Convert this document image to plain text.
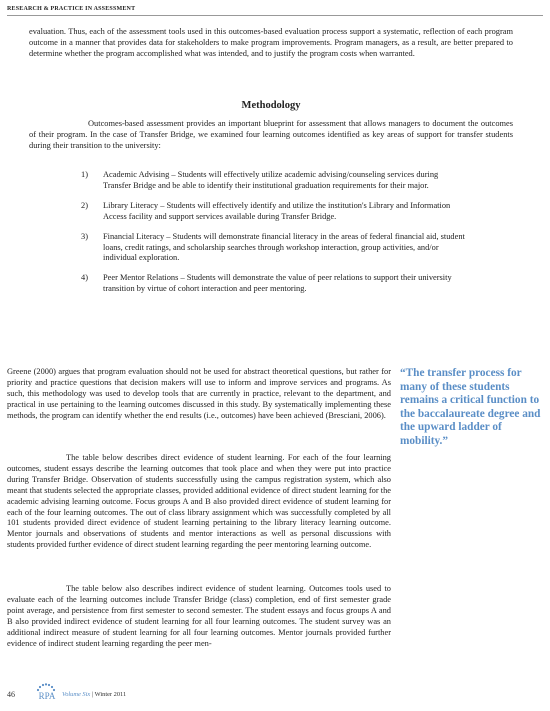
RESEARCH & PRACTICE IN ASSESSMENT
evaluation. Thus, each of the assessment tools used in this outcomes-based evaluation process support a systematic, reflection of each program outcome in a manner that provides data for stakeholders to make program improvements. Program managers, as a result, are better prepared to determine whether the program accomplished what was intended, and to justify the program costs when warranted.
Methodology
Outcomes-based assessment provides an important blueprint for assessment that allows managers to document the outcomes of their program. In the case of Transfer Bridge, we examined four learning outcomes identified as key areas of support for transfer students during their transition to the university:
1) Academic Advising – Students will effectively utilize academic advising/counseling services during Transfer Bridge and be able to identify their institutional graduation requirements for their major.
2) Library Literacy – Students will effectively identify and utilize the institution's Library and Information Access facility and support services available during Transfer Bridge.
3) Financial Literacy – Students will demonstrate financial literacy in the areas of federal financial aid, student loans, credit ratings, and scholarship searches through workshop interaction, group activities, and/or individual exploration.
4) Peer Mentor Relations – Students will demonstrate the value of peer relations to support their university transition by virtue of cohort interaction and peer mentoring.
Greene (2000) argues that program evaluation should not be used for abstract theoretical questions, but rather for priority and practice questions that decision makers will use to inform and improve services and programs. As such, this methodology was used to develop tools that are currently in practice, relevant to the department, and practical in use pertaining to the learning outcomes discussed in this study. By systematically implementing these methods, the program can identify whether the end results (i.e., outcomes) have been achieved (Bresciani, 2006).
The table below describes direct evidence of student learning. For each of the four learning outcomes, student essays describe the learning outcomes that took place and when they were put into practice during Transfer Bridge. Observation of students successfully using the campus registration system, which also meant that students selected the appropriate classes, provided additional evidence of direct student learning for the academic advising learning outcome. Focus groups A and B also provided direct evidence of student learning for each of the four learning outcomes. The out of class library assignment which was successfully completed by all 101 students provided direct evidence of student learning pertaining to the library literacy learning outcome. Mentor journals and observations of students and mentor interactions as well as personal discussions with students provided further evidence of direct student learning regarding the peer mentoring learning outcome.
The table below also describes indirect evidence of student learning. Outcomes tools used to evaluate each of the learning outcomes include Transfer Bridge (class) completion, end of first semester grade point average, and persistence from first semester to second semester. The student essays and focus groups A and B also provided indirect evidence of student learning for all four learning outcomes. The student survey was an additional indirect measure of student learning for all four learning outcomes. Mentor journals provided further evidence of indirect student learning regarding the peer men-
“The transfer process for many of these students remains a critical function to the baccalaureate degree and the upward ladder of mobility.”
46	RPA Volume Six | Winter 2011
